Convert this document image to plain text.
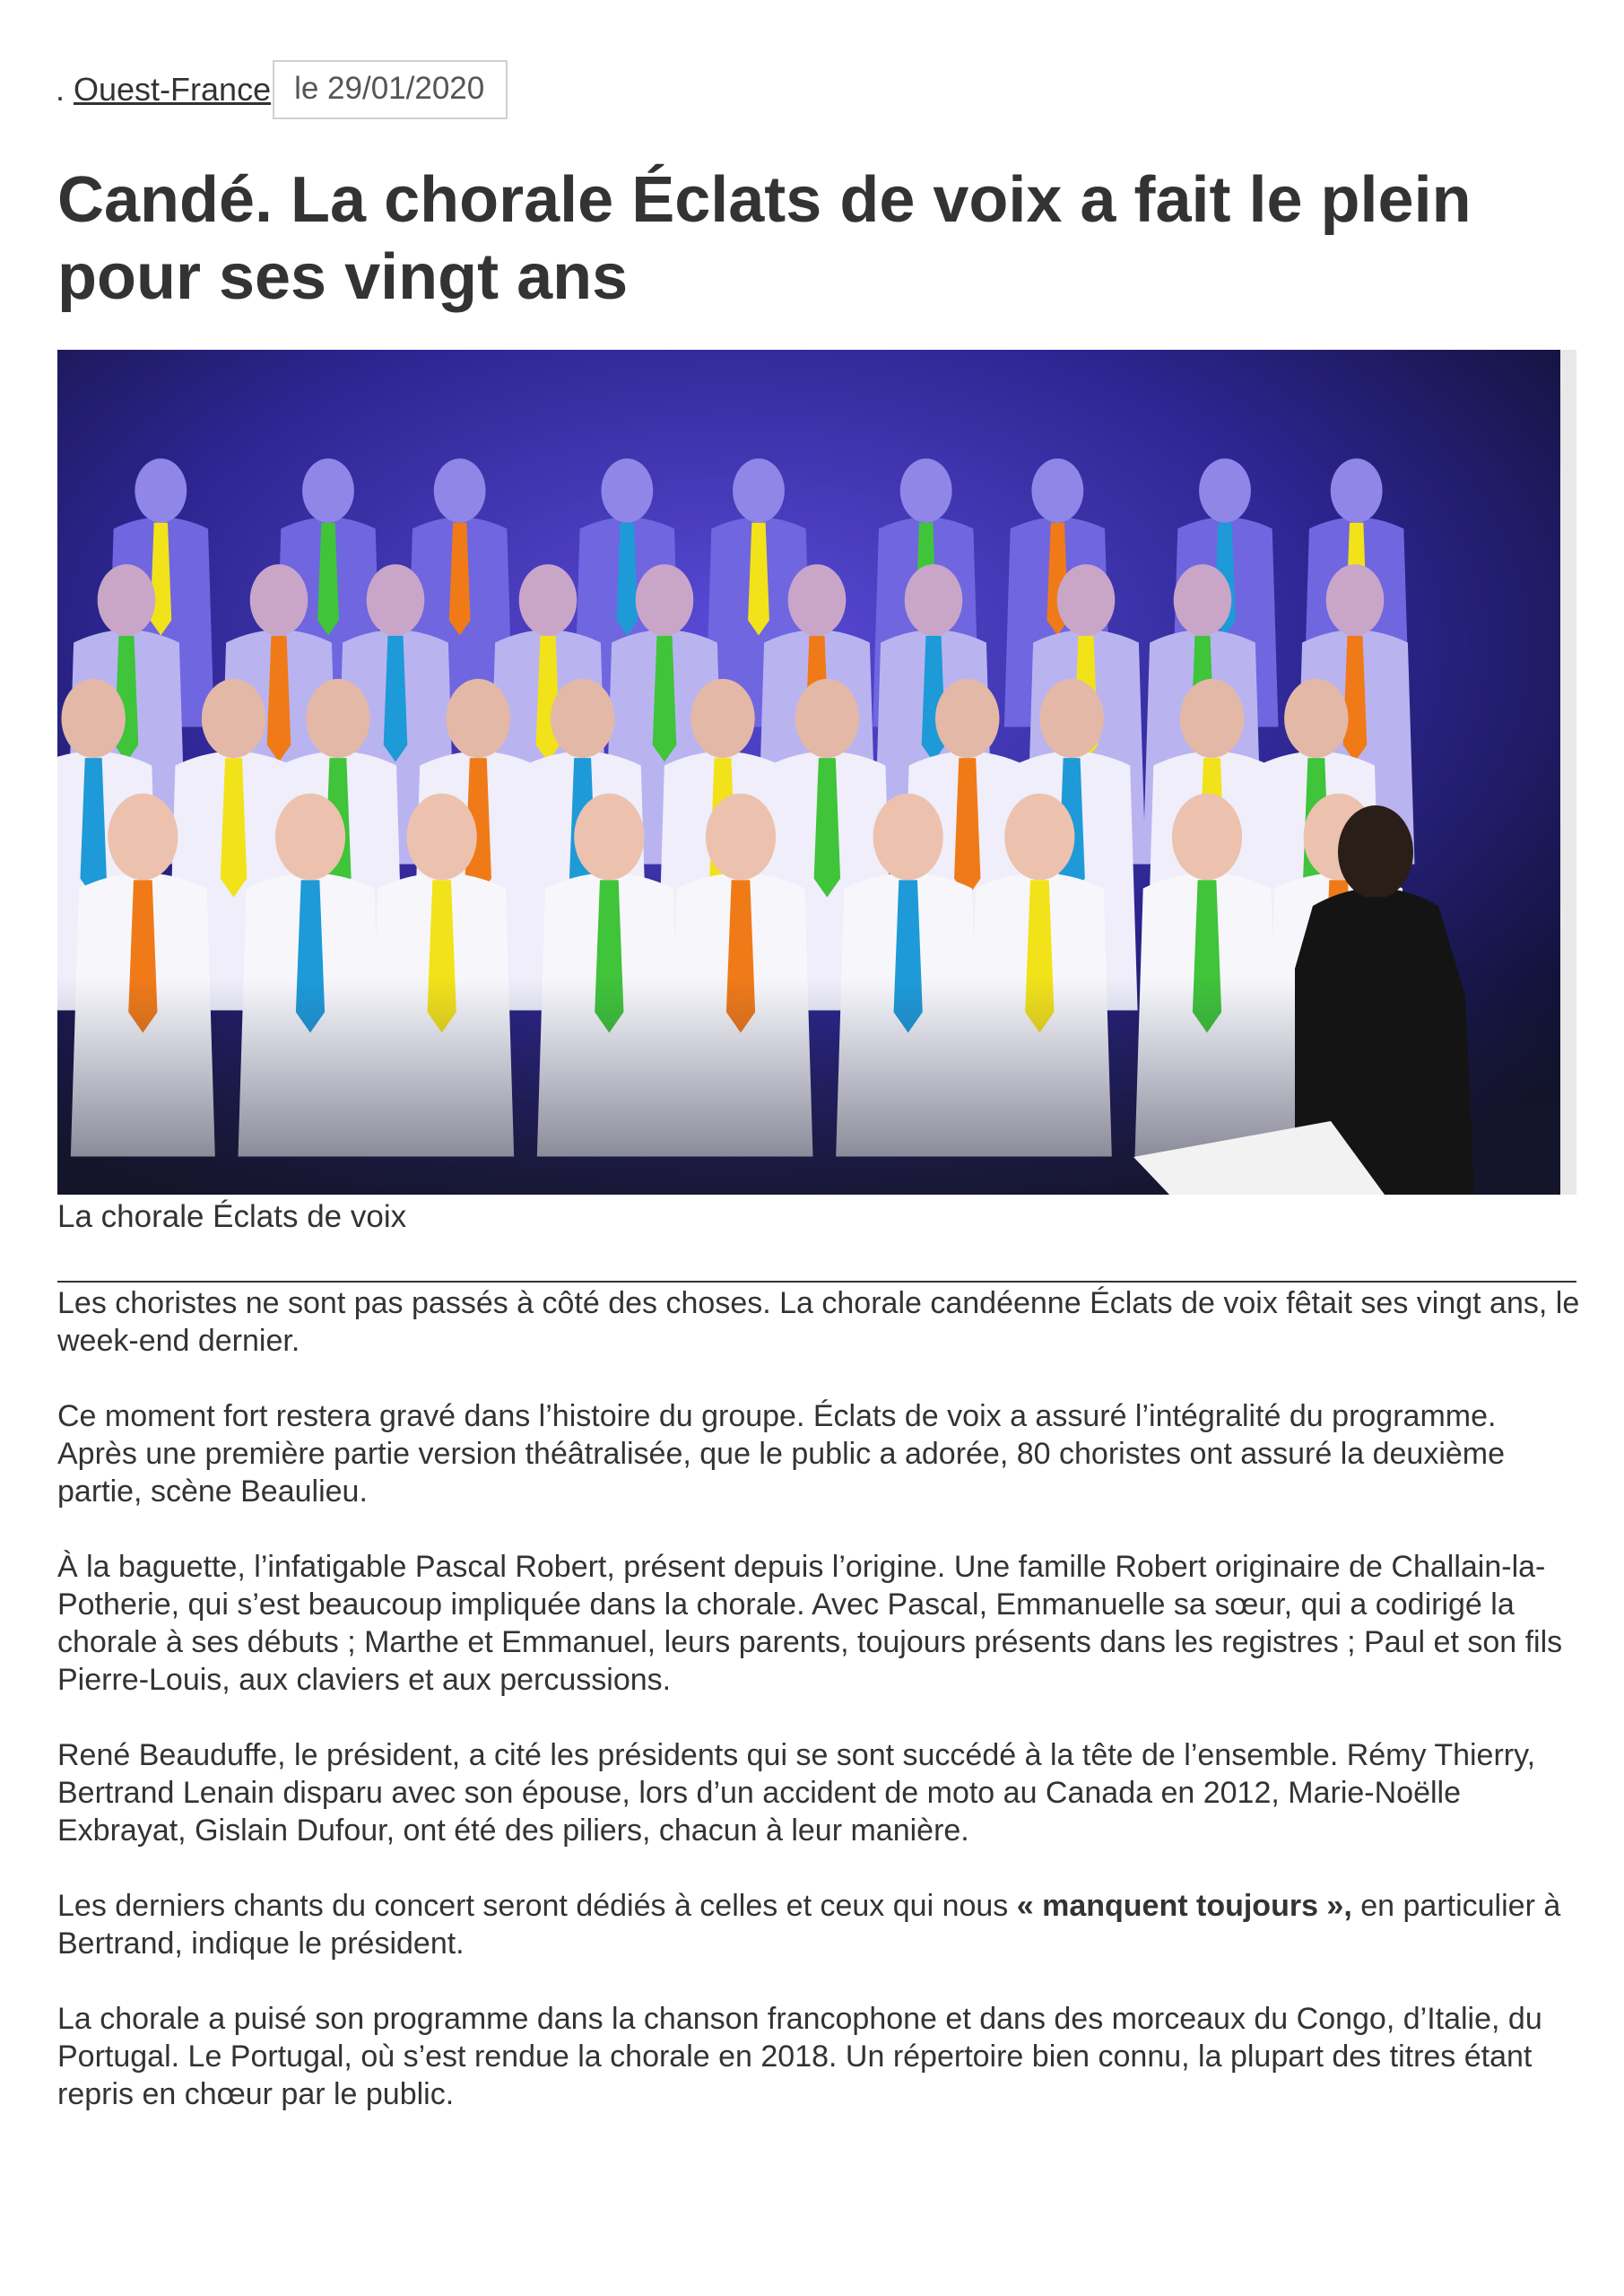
. Ouest-France le 29/01/2020
Candé. La chorale Éclats de voix a fait le plein pour ses vingt ans
La chorale Éclats de voix

Les choristes ne sont pas passés à côté des choses. La chorale candéenne Éclats de voix fêtait ses vingt ans, le week-end dernier.

Ce moment fort restera gravé dans l’histoire du groupe. Éclats de voix a assuré l’intégralité du programme. Après une première partie version théâtralisée, que le public a adorée, 80 choristes ont assuré la deuxième partie, scène Beaulieu.

À la baguette, l’infatigable Pascal Robert, présent depuis l’origine. Une famille Robert originaire de Challain-la-Potherie, qui s’est beaucoup impliquée dans la chorale. Avec Pascal, Emmanuelle sa sœur, qui a codirigé la chorale à ses débuts ; Marthe et Emmanuel, leurs parents, toujours présents dans les registres ; Paul et son fils Pierre-Louis, aux claviers et aux percussions.

René Beauduffe, le président, a cité les présidents qui se sont succédé à la tête de l’ensemble. Rémy Thierry, Bertrand Lenain disparu avec son épouse, lors d’un accident de moto au Canada en 2012, Marie-Noëlle Exbrayat, Gislain Dufour, ont été des piliers, chacun à leur manière.

Les derniers chants du concert seront dédiés à celles et ceux qui nous « manquent toujours », en particulier à Bertrand, indique le président.

La chorale a puisé son programme dans la chanson francophone et dans des morceaux du Congo, d’Italie, du Portugal. Le Portugal, où s’est rendue la chorale en 2018. Un répertoire bien connu, la plupart des titres étant repris en chœur par le public.
